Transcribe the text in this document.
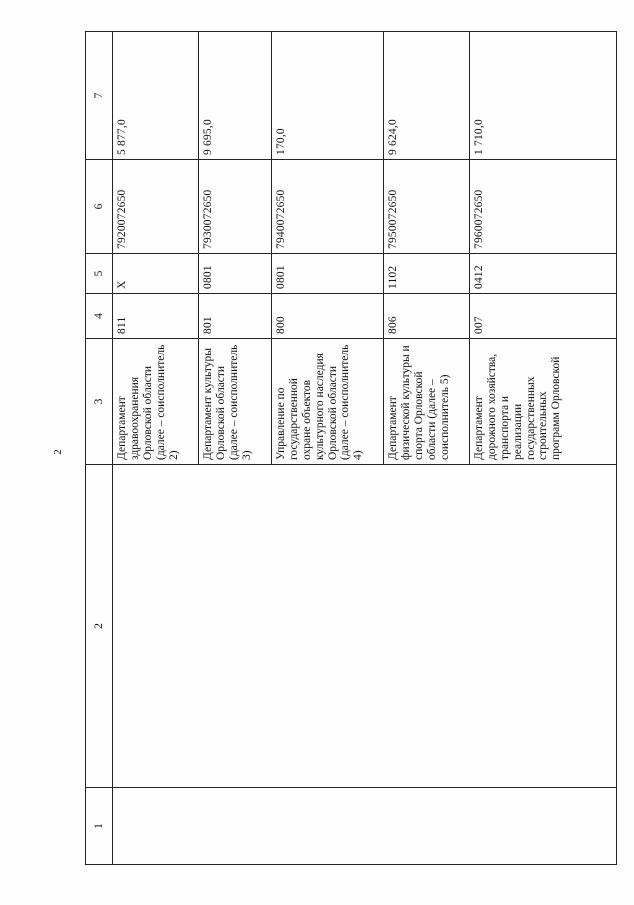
2
1	2	3	4	5	6	7
		Департамент здравоохранения Орловской области (далее – соисполнитель 2)	811	Х	7920072650	5 877,0
		Департамент культуры Орловской области (далее – соисполнитель 3)	801	0801	7930072650	9 695,0
		Управление по государственной охране объектов культурного наследия Орловской области (далее – соисполнитель 4)	800	0801	7940072650	170,0
		Департамент физической культуры и спорта Орловской области (далее – соисполнитель 5)	806	1102	7950072650	9 624,0
		Департамент дорожного хозяйства, транспорта и реализации государственных строительных программ Орловской	007	0412	7960072650	1 710,0
